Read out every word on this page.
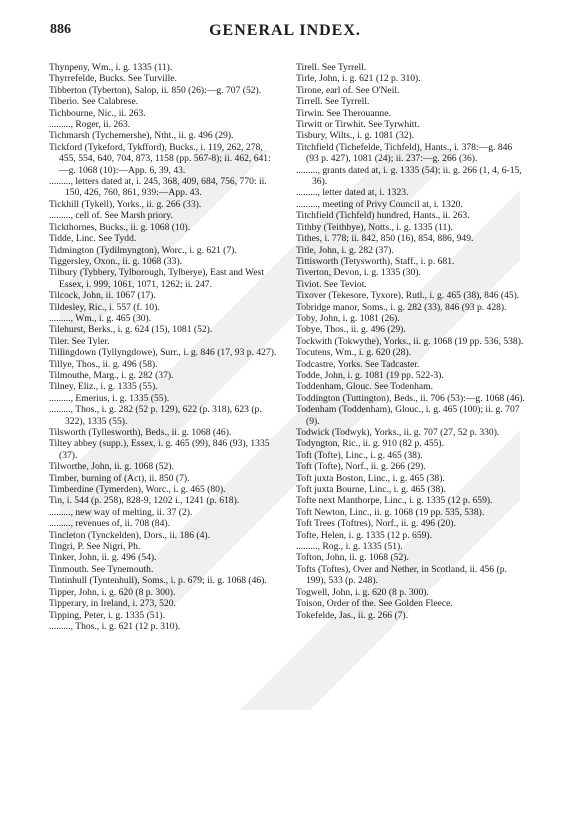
886	GENERAL INDEX.

Thynpeny, Wm., i. g. 1335 (11).

Thyrrefelde, Bucks. See Turville.

Tibberton (Tyberton), Salop, ii. 850 (26):—g. 707 (52).

Tiberio. See Calabrese.

Tichbourne, Nic., ii. 263.

........., Roger, ii. 263.

Tichmarsh (Tychemershe), Ntht., ii. g. 496 (29).

Tickford (Tykeford, Tykfford), Bucks., i. 119, 262, 278, 455, 554, 640, 704, 873, 1158 (pp. 567-8); ii. 462, 641:—g. 1068 (10):—App. 6, 39, 43.

........., letters dated at, i. 245, 368, 409, 684, 756, 770: ii. 150, 426, 760, 861, 939:—App. 43.

Tickhill (Tykell), Yorks., ii. g. 266 (33).

........., cell of. See Marsh priory.

Tickthornes, Bucks., ii. g. 1068 (10).

Tidde, Linc. See Tydd.

Tidmington (Tydilmyngton), Worc., i. g. 621 (7).

Tiggersley, Oxon., ii. g. 1068 (33).

Tilbury (Tybbery, Tylborough, Tylberye), East and West Essex, i. 999, 1061, 1071, 1262; ii. 247.

Tilcock, John, ii. 1067 (17).

Tildesley, Ric., i. 557 (f. 10).

........., Wm., i. g. 465 (30).

Tilehurst, Berks., i. g. 624 (15), 1081 (52).

Tiler. See Tyler.

Tillingdown (Tyllyngdowe), Surr., i. g. 846 (17, 93 p. 427).

Tillye, Thos., ii. g. 496 (58).

Tilmouthe, Marg., i. g. 282 (37).

Tilney, Eliz., i. g. 1335 (55).

........., Emerius, i. g. 1335 (55).

........., Thos., i. g. 282 (52 p. 129), 622 (p. 318), 623 (p. 322), 1335 (55).

Tilsworth (Tyllesworth), Beds., ii. g. 1068 (46).

Tiltey abbey (supp.), Essex, i. g. 465 (99), 846 (93), 1335 (37).

Tilworthe, John, ii. g. 1068 (52).

Timber, burning of (Act), ii. 850 (7).

Timberdine (Tymerden), Worc., i. g. 465 (80).

Tin, i. 544 (p. 258), 828-9, 1202 i., 1241 (p. 618).

........., new way of melting, ii. 37 (2).

........., revenues of, ii. 708 (84).

Tincleton (Tynckelden), Dors., ii. 186 (4).

Tingri, P. See Nigri, Ph.

Tinker, John, ii. g. 496 (54).

Tinmouth. See Tynemouth.

Tintinhull (Tyntenhull), Soms., i. p. 679; ii. g. 1068 (46).

Tipper, John, i. g. 620 (8 p. 300).

Tipperary, in Ireland, i. 273, 520.

Tipping, Peter, i. g. 1335 (51).

........., Thos., i. g. 621 (12 p. 310).

Tirell. See Tyrrell.

Tirle, John, i. g. 621 (12 p. 310).

Tirone, earl of. See O'Neil.

Tirrell. See Tyrrell.

Tirwin. See Therouanne.

Tirwitt or Tirwhit. See Tyrwhitt.

Tisbury, Wilts., i. g. 1081 (32).

Titchfield (Tichefelde, Tichfeld), Hants., i. 378:—g. 846 (93 p. 427), 1081 (24); ii. 237:—g. 266 (36).

........., grants dated at, i. g. 1335 (54); ii. g. 266 (1, 4, 6-15, 36).

........., letter dated at, i. 1323.

........., meeting of Privy Council at, i. 1320.

Titchfield (Tichfeld) hundred, Hants., ii. 263.

Tithby (Teithbye), Notts., i. g. 1335 (11).

Tithes, i. 778; ii. 842, 850 (16), 854, 886, 949.

Title, John, i. g. 282 (37).

Tittisworth (Tetysworth), Staff., i. p. 681.

Tiverton, Devon, i. g. 1335 (30).

Tiviot. See Teviot.

Tixover (Tekesore, Tyxore), Rutl., i. g. 465 (38), 846 (45).

Tobridge manor, Soms., i. g. 282 (33), 846 (93 p. 428).

Toby, John, i. g. 1081 (26).

Tobye, Thos., ii. g. 496 (29).

Tockwith (Tokwythe), Yorks., ii. g. 1068 (19 pp. 536, 538).

Tocutens, Wm., i. g. 620 (28).

Todcastre, Yorks. See Tadcaster.

Todde, John, i. g. 1081 (19 pp. 522-3).

Toddenham, Glouc. See Todenham.

Toddington (Tuttington), Beds., ii. 706 (53):—g. 1068 (46).

Todenham (Toddenham), Glouc., i. g. 465 (100); ii. g. 707 (9).

Todwick (Todwyk), Yorks., ii. g. 707 (27, 52 p. 330).

Todyngton, Ric., ii. g. 910 (82 p. 455).

Toft (Tofte), Linc., i. g. 465 (38).

Toft (Tofte), Norf., ii. g. 266 (29).

Toft juxta Boston, Linc., i. g. 465 (38).

Toft juxta Bourne, Linc., i. g. 465 (38).

Tofte next Manthorpe, Linc., i. g. 1335 (12 p. 659).

Toft Newton, Linc., ii. g. 1068 (19 pp. 535, 538).

Toft Trees (Toftres), Norf., ii. g. 496 (20).

Tofte, Helen, i. g. 1335 (12 p. 659).

........., Rog., i. g. 1335 (51).

Tofton, John, ii. g. 1068 (52).

Tofts (Toftes), Over and Nether, in Scotland, ii. 456 (p. 199), 533 (p. 248).

Togwell, John, i. g. 620 (8 p. 300).

Toison, Order of the. See Golden Fleece.

Tokefelde, Jas., ii. g. 266 (7).
